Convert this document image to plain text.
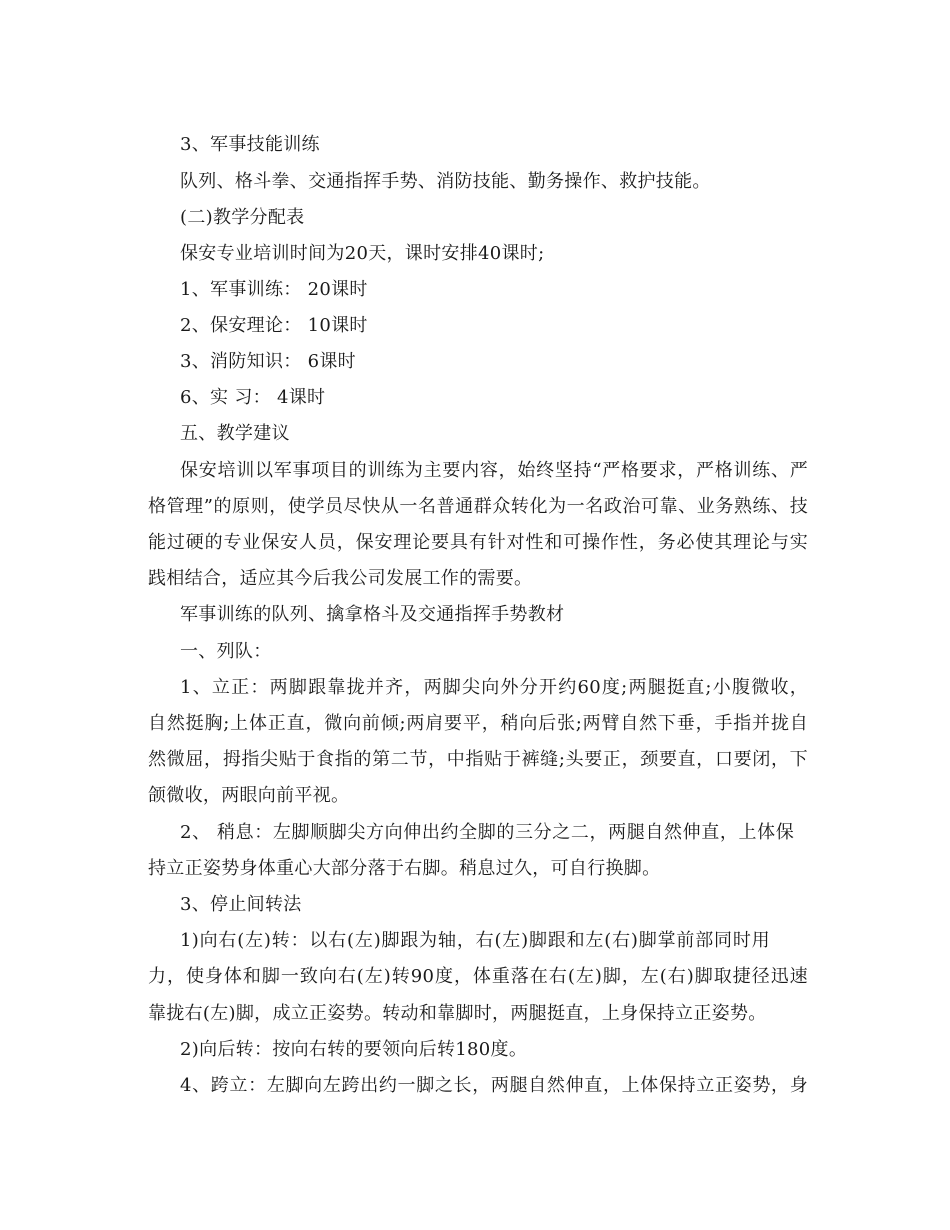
3、军事技能训练
队列、格斗拳、交通指挥手势、消防技能、勤务操作、救护技能。
(二)教学分配表
保安专业培训时间为20天，课时安排40课时;
1、军事训练： 20课时
2、保安理论： 10课时
3、消防知识： 6课时
6、实 习： 4课时
五、教学建议
保安培训以军事项目的训练为主要内容，始终坚持“严格要求，严格训练、严
格管理”的原则，使学员尽快从一名普通群众转化为一名政治可靠、业务熟练、技
能过硬的专业保安人员，保安理论要具有针对性和可操作性，务必使其理论与实
践相结合，适应其今后我公司发展工作的需要。
军事训练的队列、擒拿格斗及交通指挥手势教材
一、列队：
1、立正：两脚跟靠拢并齐，两脚尖向外分开约60度;两腿挺直;小腹微收，
自然挺胸;上体正直，微向前倾;两肩要平，稍向后张;两臂自然下垂，手指并拢自
然微屈，拇指尖贴于食指的第二节，中指贴于裤缝;头要正，颈要直，口要闭，下
颌微收，两眼向前平视。
2、 稍息：左脚顺脚尖方向伸出约全脚的三分之二，两腿自然伸直，上体保
持立正姿势身体重心大部分落于右脚。稍息过久，可自行换脚。
3、停止间转法
1)向右(左)转：以右(左)脚跟为轴，右(左)脚跟和左(右)脚掌前部同时用
力，使身体和脚一致向右(左)转90度，体重落在右(左)脚，左(右)脚取捷径迅速
靠拢右(左)脚，成立正姿势。转动和靠脚时，两腿挺直，上身保持立正姿势。
2)向后转：按向右转的要领向后转180度。
4、跨立：左脚向左跨出约一脚之长，两腿自然伸直，上体保持立正姿势，身
